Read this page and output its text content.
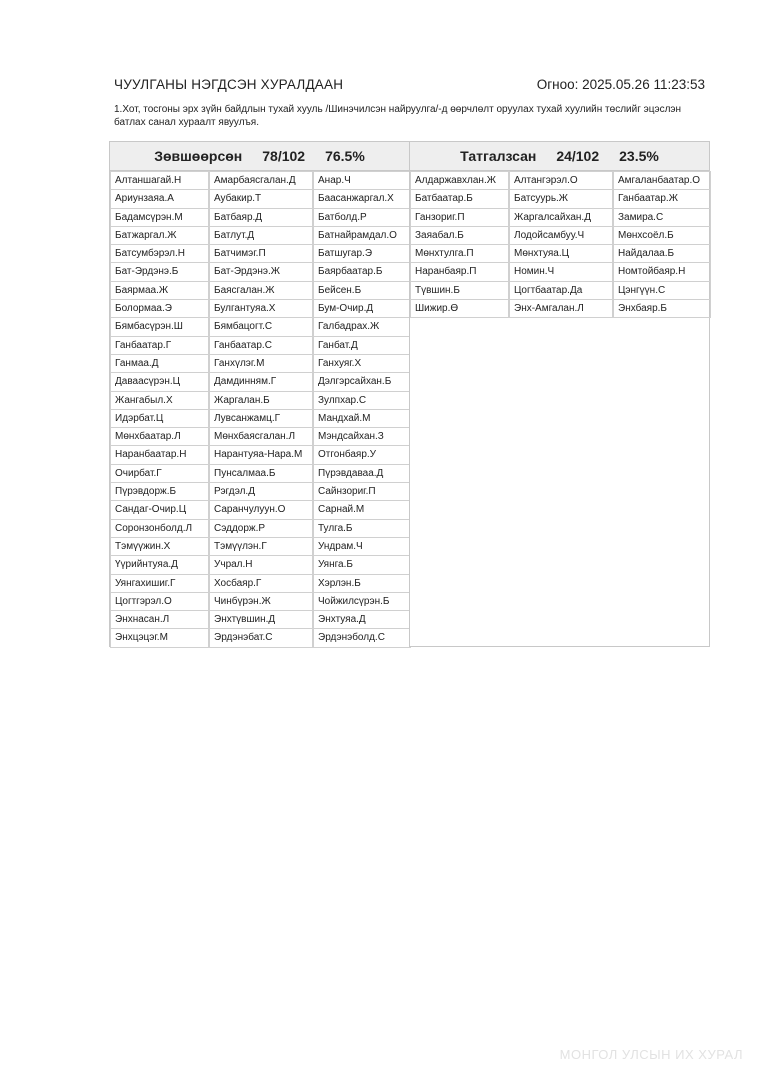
ЧУУЛГАНЫ НЭГДСЭН ХУРАЛДААН	Огноо: 2025.05.26 11:23:53
1.Хот, тосгоны эрх зүйн байдлын тухай хууль /Шинэчилсэн найруулга/-д өөрчлөлт оруулах тухай хуулийн төслийг эцэслэн батлах санал хураалт явуулъя.
Зөвшөөрсөн 78/102 76.5%
Алтаншагай.Н	Амарбаясгалан.Д	Анар.Ч
Ариунзаяа.А	Аубакир.Т	Баасанжаргал.Х
Бадамсүрэн.М	Батбаяр.Д	Батболд.Р
Батжаргал.Ж	Батлут.Д	Батнайрамдал.О
Батсумбэрэл.Н	Батчимэг.П	Батшугар.Э
Бат-Эрдэнэ.Б	Бат-Эрдэнэ.Ж	Баярбаатар.Б
Баярмаа.Ж	Баясгалан.Ж	Бейсен.Б
Болормаа.Э	Булгантуяа.Х	Бум-Очир.Д
Бямбасүрэн.Ш	Бямбацогт.С	Галбадрах.Ж
Ганбаатар.Г	Ганбаатар.С	Ганбат.Д
Ганмаа.Д	Ганхүлэг.М	Ганхуяг.Х
Даваасүрэн.Ц	Дамдинням.Г	Дэлгэрсайхан.Б
Жангабыл.Х	Жаргалан.Б	Зулпхар.С
Идэрбат.Ц	Лувсанжамц.Г	Мандхай.М
Мөнхбаатар.Л	Мөнхбаясгалан.Л	Мэндсайхан.З
Наранбаатар.Н	Нарантуяа-Нара.М	Отгонбаяр.У
Очирбат.Г	Пунсалмаа.Б	Пүрэвдаваа.Д
Пүрэвдорж.Б	Рэгдэл.Д	Сайнзориг.П
Сандаг-Очир.Ц	Саранчулуун.О	Сарнай.М
Соронзонболд.Л	Сэддорж.Р	Тулга.Б
Тэмүүжин.Х	Тэмүүлэн.Г	Ундрам.Ч
Үүрийнтуяа.Д	Учрал.Н	Уянга.Б
Уянгахишиг.Г	Хосбаяр.Г	Хэрлэн.Б
Цогтгэрэл.О	Чинбүрэн.Ж	Чойжилсүрэн.Б
Энхнасан.Л	Энхтүвшин.Д	Энхтуяа.Д
Энхцэцэг.М	Эрдэнэбат.С	Эрдэнэболд.С
Татгалзсан 24/102 23.5%
Алдаржавхлан.Ж	Алтангэрэл.О	Амгаланбаатар.О
Батбаатар.Б	Батсуурь.Ж	Ганбаатар.Ж
Ганзориг.П	Жаргалсайхан.Д	Замира.С
Заяабал.Б	Лодойсамбуу.Ч	Мөнхсоёл.Б
Мөнхтулга.П	Мөнхтуяа.Ц	Найдалаа.Б
Наранбаяр.П	Номин.Ч	Номтойбаяр.Н
Түвшин.Б	Цогтбаатар.Да	Цэнгүүн.С
Шижир.Ө	Энх-Амгалан.Л	Энхбаяр.Б
МОНГОЛ УЛСЫН ИХ ХУРАЛ
